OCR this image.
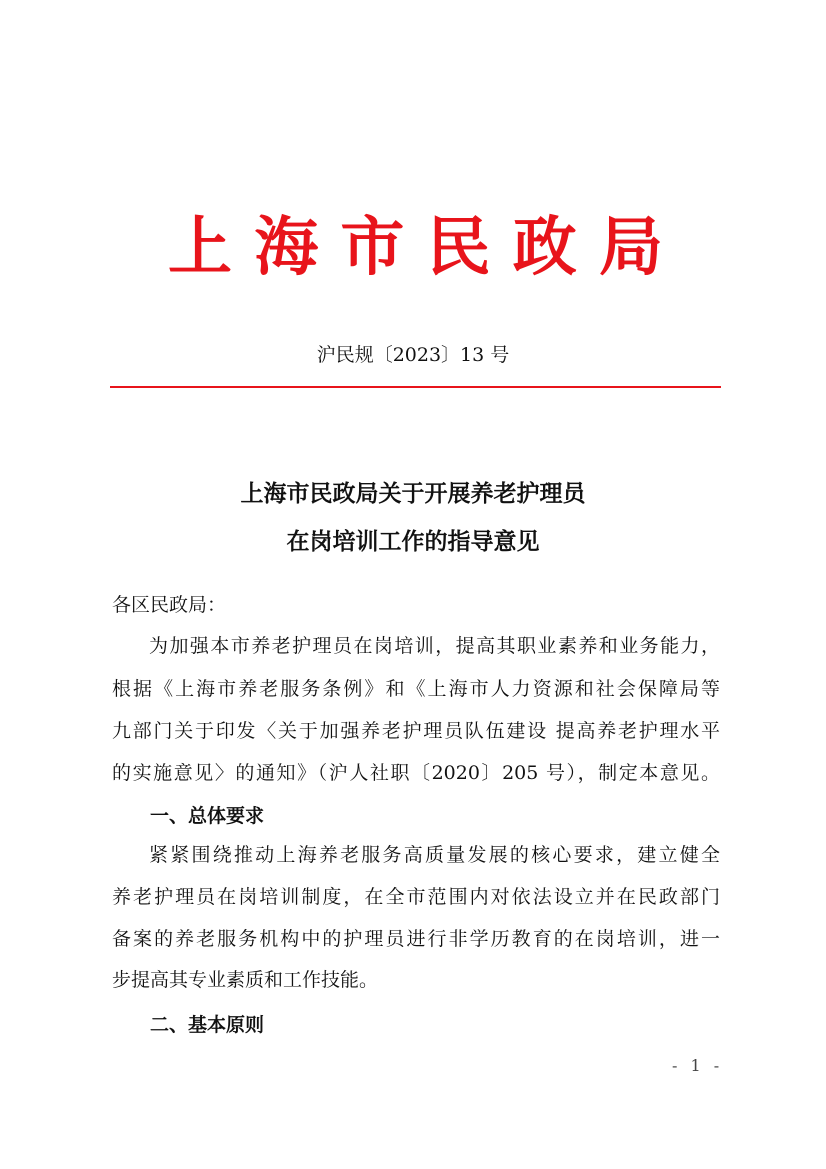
上海市民政局
沪民规〔2023〕13 号
上海市民政局关于开展养老护理员
在岗培训工作的指导意见
各区民政局：
为加强本市养老护理员在岗培训，提高其职业素养和业务能力，
根据《上海市养老服务条例》和《上海市人力资源和社会保障局等
九部门关于印发〈关于加强养老护理员队伍建设 提高养老护理水平
的实施意见〉的通知》（沪人社职〔2020〕205 号），制定本意见。
一、总体要求
紧紧围绕推动上海养老服务高质量发展的核心要求，建立健全
养老护理员在岗培训制度，在全市范围内对依法设立并在民政部门
备案的养老服务机构中的护理员进行非学历教育的在岗培训，进一
步提高其专业素质和工作技能。
二、基本原则
- 1 -
